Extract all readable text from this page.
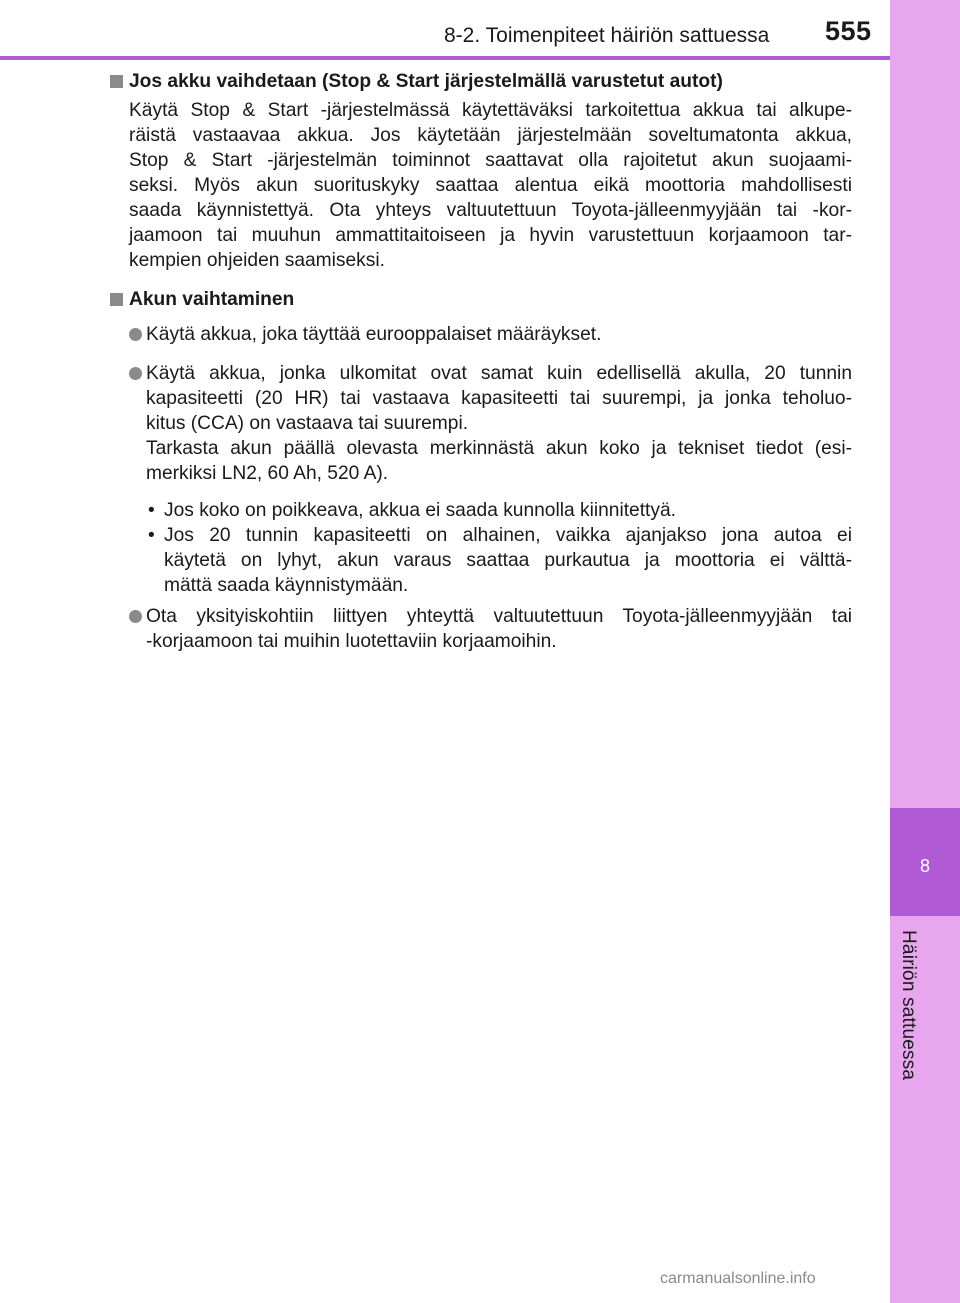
8
Häiriön sattuessa
8-2. Toimenpiteet häiriön sattuessa 555
Jos akku vaihdetaan (Stop & Start järjestelmällä varustetut autot)
Käytä Stop & Start -järjestelmässä käytettäväksi tarkoitettua akkua tai alkupe-
räistä vastaavaa akkua. Jos käytetään järjestelmään soveltumatonta akkua,
Stop & Start -järjestelmän toiminnot saattavat olla rajoitetut akun suojaami-
seksi. Myös akun suorituskyky saattaa alentua eikä moottoria mahdollisesti
saada käynnistettyä. Ota yhteys valtuutettuun Toyota-jälleenmyyjään tai -kor-
jaamoon tai muuhun ammattitaitoiseen ja hyvin varustettuun korjaamoon tar-
kempien ohjeiden saamiseksi.
Akun vaihtaminen
Käytä akkua, joka täyttää eurooppalaiset määräykset.
Käytä akkua, jonka ulkomitat ovat samat kuin edellisellä akulla, 20 tunnin
kapasiteetti (20 HR) tai vastaava kapasiteetti tai suurempi, ja jonka teholuo-
kitus (CCA) on vastaava tai suurempi.
Tarkasta akun päällä olevasta merkinnästä akun koko ja tekniset tiedot (esi-
merkiksi LN2, 60 Ah, 520 A).
• Jos koko on poikkeava, akkua ei saada kunnolla kiinnitettyä.
• Jos 20 tunnin kapasiteetti on alhainen, vaikka ajanjakso jona autoa ei
käytetä on lyhyt, akun varaus saattaa purkautua ja moottoria ei välttä-
mättä saada käynnistymään.
Ota yksityiskohtiin liittyen yhteyttä valtuutettuun Toyota-jälleenmyyjään tai
-korjaamoon tai muihin luotettaviin korjaamoihin.
carmanualsonline.info
